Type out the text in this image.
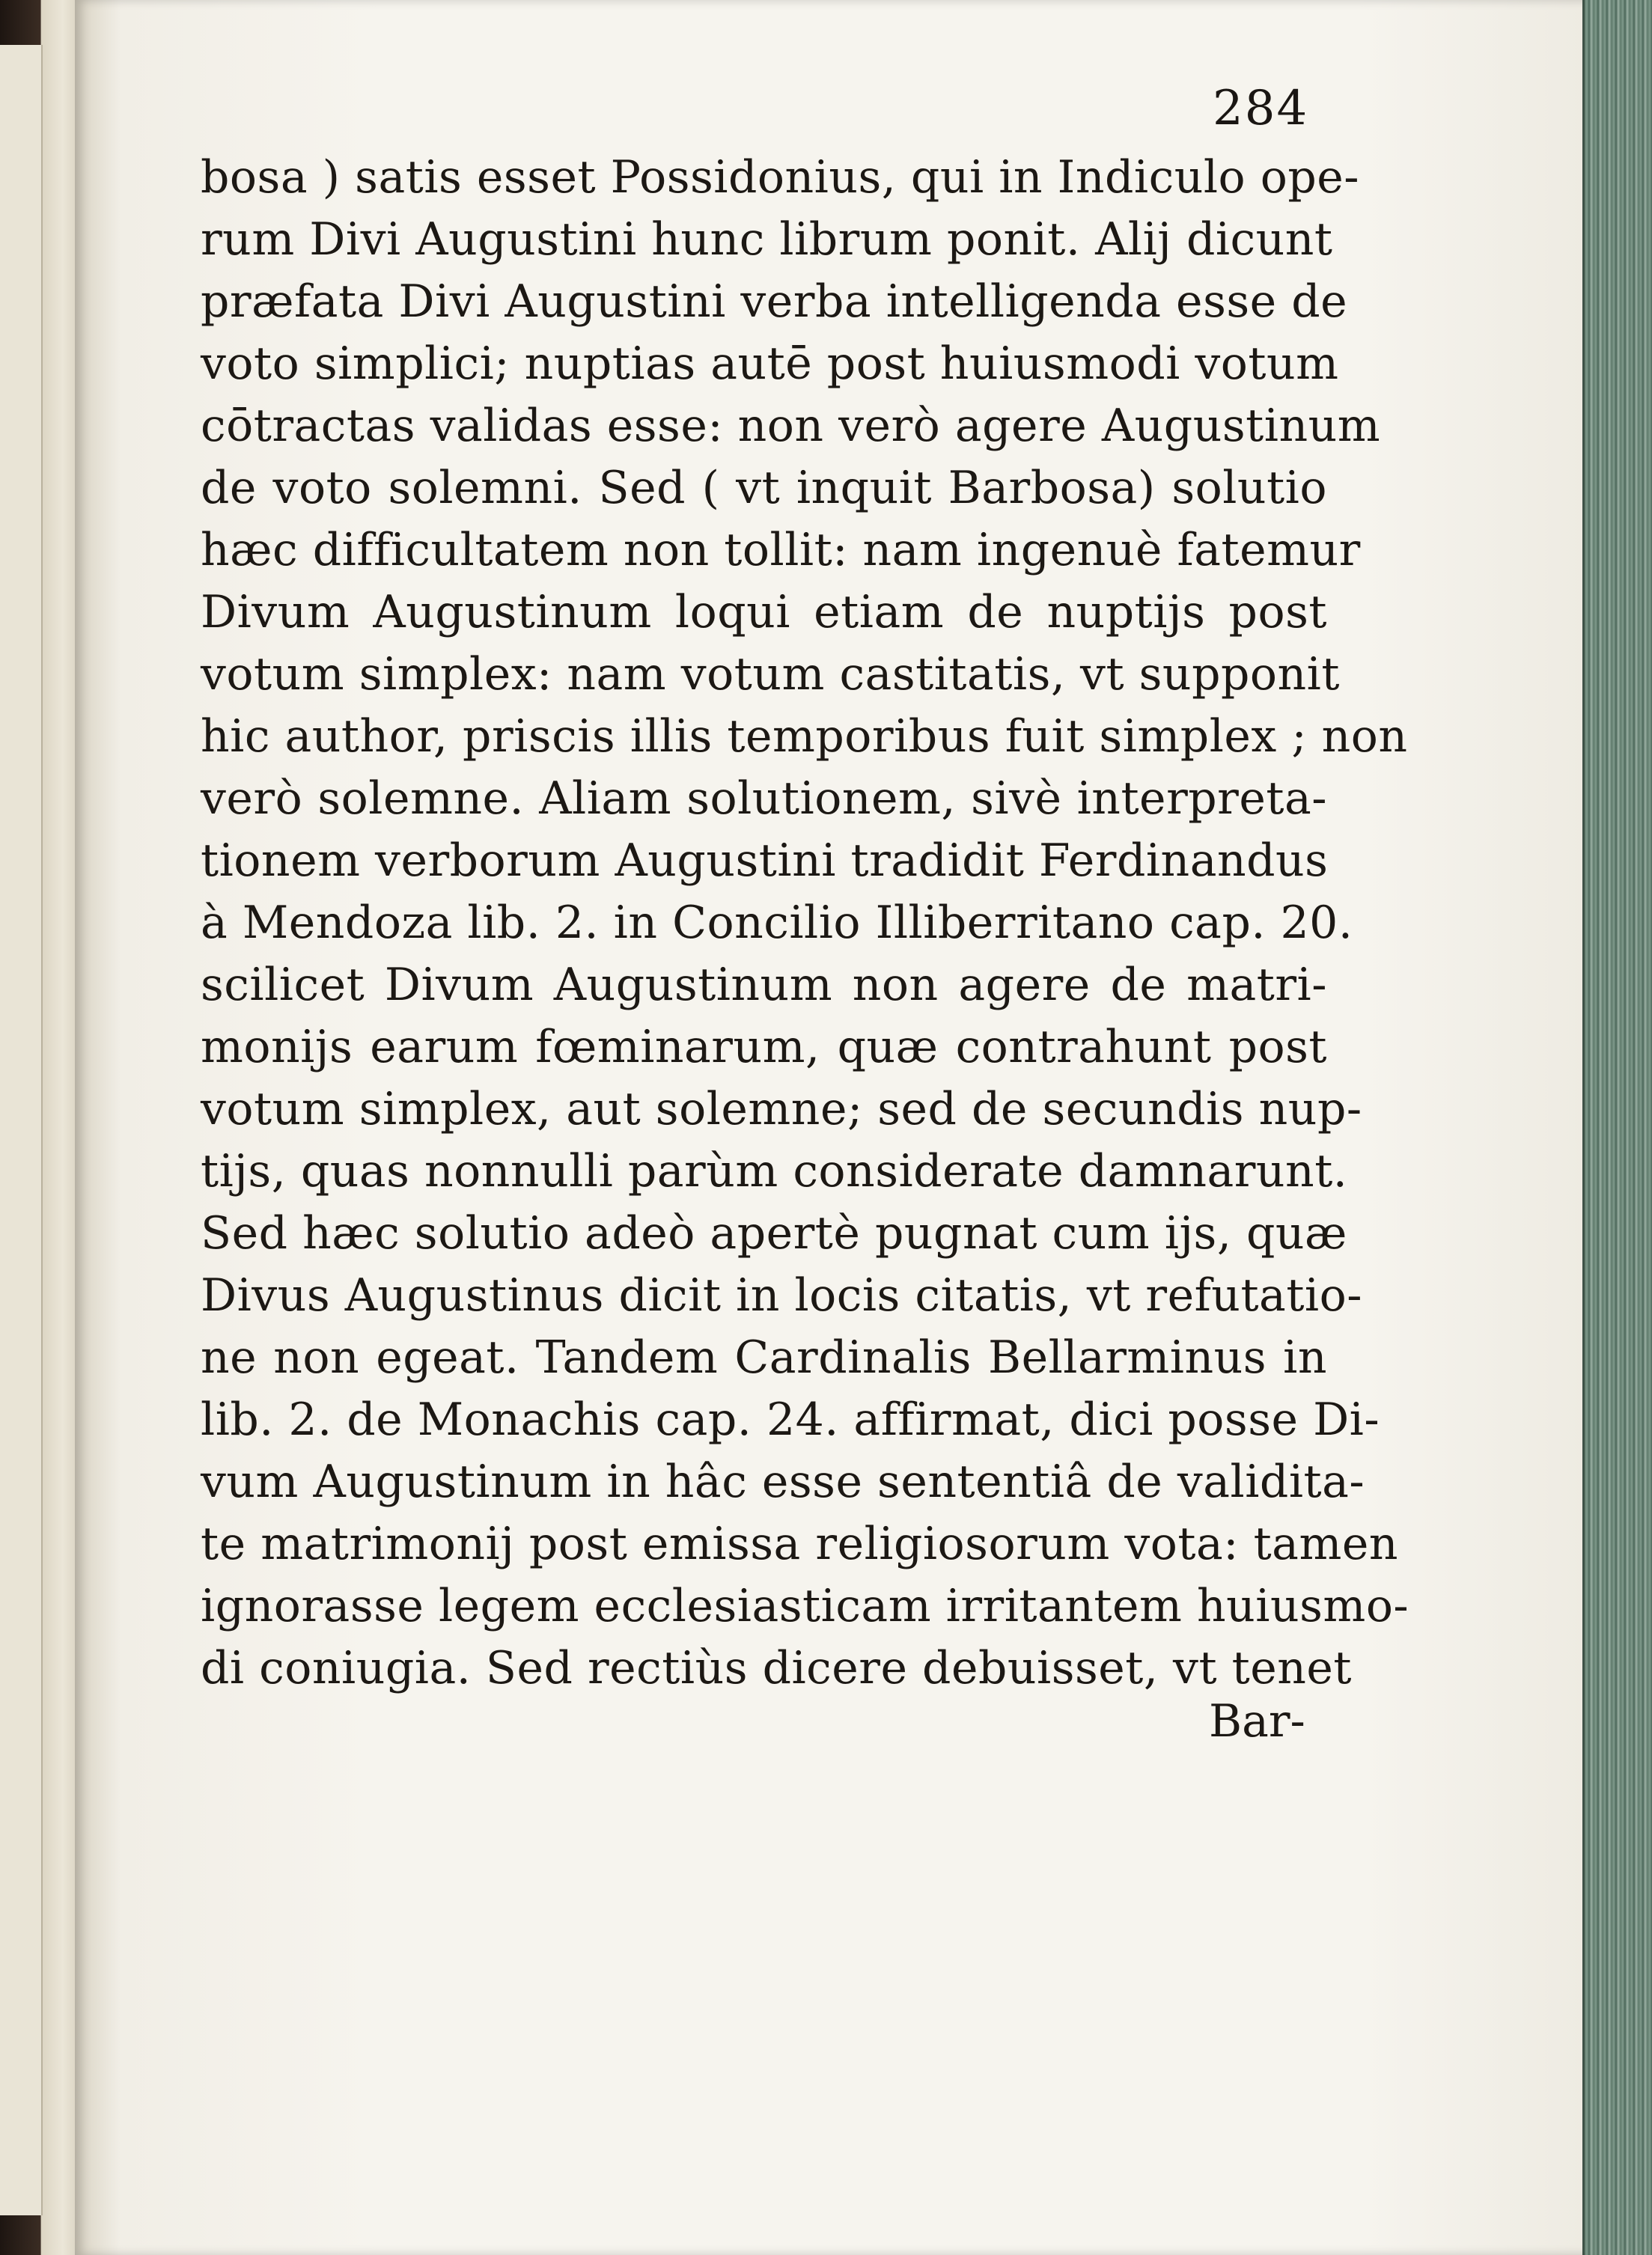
284
bosa ) satis esset Possidonius, qui in Indiculo ope-
rum Divi Augustini hunc librum ponit. Alij dicunt
præfata Divi Augustini verba intelligenda esse de
voto simplici; nuptias autē post huiusmodi votum
cōtractas validas esse: non verò agere Augustinum
de voto solemni. Sed ( vt inquit Barbosa) solutio
hæc difficultatem non tollit: nam ingenuè fatemur
Divum Augustinum loqui etiam de nuptijs post
votum simplex: nam votum castitatis, vt supponit
hic author, priscis illis temporibus fuit simplex ; non
verò solemne. Aliam solutionem, sivè interpreta-
tionem verborum Augustini tradidit Ferdinandus
à Mendoza lib. 2. in Concilio Illiberritano cap. 20.
scilicet Divum Augustinum non agere de matri-
monijs earum fœminarum, quæ contrahunt post
votum simplex, aut solemne; sed de secundis nup-
tijs, quas nonnulli parùm considerate damnarunt.
Sed hæc solutio adeò apertè pugnat cum ijs, quæ
Divus Augustinus dicit in locis citatis, vt refutatio-
ne non egeat. Tandem Cardinalis Bellarminus in
lib. 2. de Monachis cap. 24. affirmat, dici posse Di-
vum Augustinum in hâc esse sententiâ de validita-
te matrimonij post emissa religiosorum vota: tamen
ignorasse legem ecclesiasticam irritantem huiusmo-
di coniugia. Sed rectiùs dicere debuisset, vt tenet
Bar-
